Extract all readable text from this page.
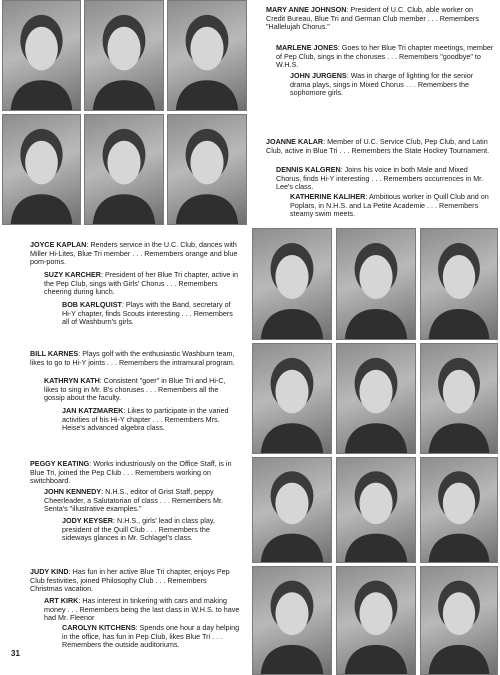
MARY ANNE JOHNSON: President of U.C. Club, able worker on Credit Bureau, Blue Tri and German Club member . . . Remembers "Hallelujah Chorus."
MARLENE JONES: Goes to her Blue Tri chapter meetings, member of Pep Club, sings in the choruses . . . Remembers "goodbye" to W.H.S.
JOHN JURGENS: Was in charge of lighting for the senior drama plays, sings in Mixed Chorus . . . Remembers the sophomore girls.
JOANNE KALAR: Member of U.C. Service Club, Pep Club, and Latin Club, active in Blue Tri . . . Remembers the State Hockey Tournament.
DENNIS KALGREN: Joins his voice in both Male and Mixed Chorus, finds Hi-Y interesting . . . Remembers occurrences in Mr. Lee's class.
KATHERINE KALIHER: Ambitious worker in Quill Club and on Poplars, in N.H.S. and La Petite Academie . . . Remembers steamy swim meets.
JOYCE KAPLAN: Renders service in the U.C. Club, dances with Miller Hi-Lites, Blue Tri member . . . Remembers orange and blue pom-poms.
SUZY KARCHER: President of her Blue Tri chapter, active in the Pep Club, sings with Girls' Chorus . . . Remembers cheering during lunch.
BOB KARLQUIST: Plays with the Band, secretary of Hi-Y chapter, finds Scouts interesting . . . Remembers all of Washburn's girls.
BILL KARNES: Plays golf with the enthusiastic Washburn team, likes to go to Hi-Y joints . . . Remembers the intramural program.
KATHRYN KATH: Consistent "goer" in Blue Tri and Hi-C, likes to sing in Mr. B's choruses . . . Remembers all the gossip about the faculty.
JAN KATZMAREK: Likes to participate in the varied activities of his Hi-Y chapter . . . Remembers Mrs. Heise's advanced algebra class.
PEGGY KEATING: Works industriously on the Office Staff, is in Blue Tri, joined the Pep Club . . . Remembers working on switchboard.
JOHN KENNEDY: N.H.S., editor of Grist Staff, peppy Cheerleader, a Salutatorian of class . . . Remembers Mr. Senta's "illustrative examples."
JODY KEYSER: N.H.S., girls' lead in class play, president of the Quill Club . . . Remembers the sideways glances in Mr. Schlagel's class.
JUDY KIND: Has fun in her active Blue Tri chapter, enjoys Pep Club festivities, joined Philosophy Club . . . Remembers Christmas vacation.
ART KIRK: Has interest in tinkering with cars and making money . . . Remembers being the last class in W.H.S. to have had Mr. Fleenor
CAROLYN KITCHENS: Spends one hour a day helping in the office, has fun in Pep Club, likes Blue Tri . . . Remembers the outside auditoriums.
31
